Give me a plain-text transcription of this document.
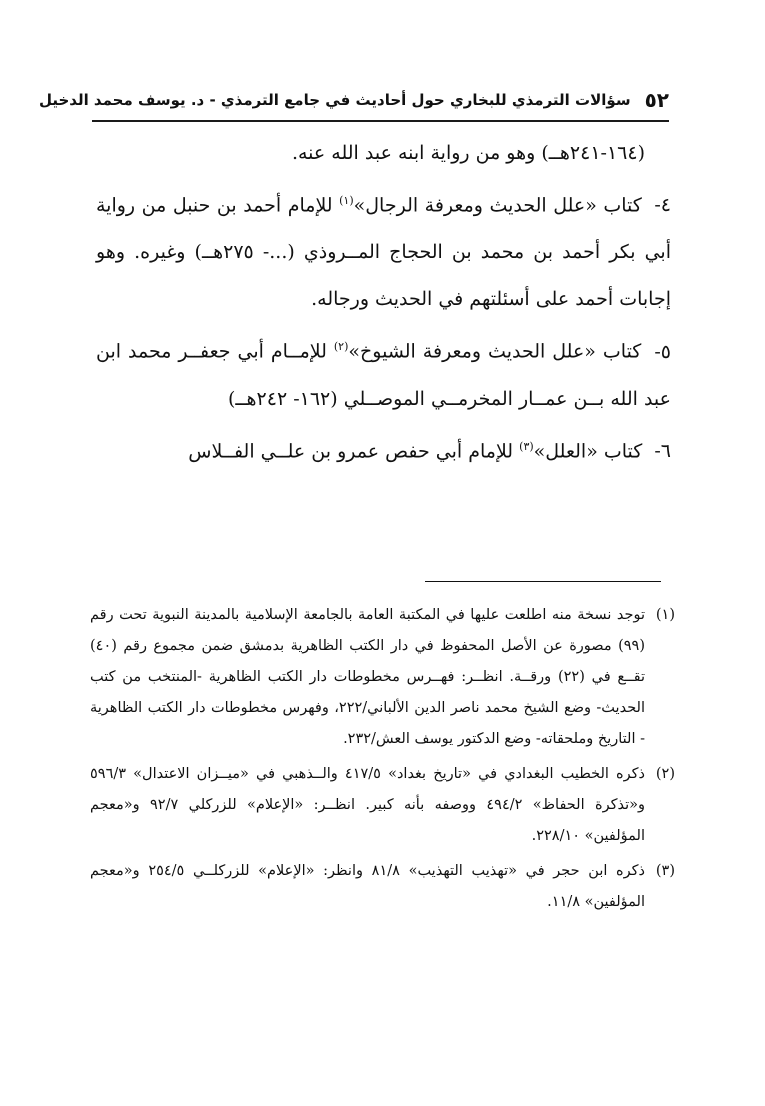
٥٢
سؤالات الترمذي للبخاري حول أحاديث في جامع الترمذي - د. يوسف محمد الدخيل

(١٦٤-٢٤١هــ) وهو من رواية ابنه عبد الله عنه.

٤- كتاب «علل الحديث ومعرفة الرجال»$^{(١)}$ للإمام أحمد بن حنبل من رواية أبي بكر أحمد بن محمد بن الحجاج المــروذي (...- ٢٧٥هــ) وغيره. وهو إجابات أحمد على أسئلتهم في الحديث ورجاله.

٥- كتاب «علل الحديث ومعرفة الشيوخ»$^{(٢)}$ للإمــام أبي جعفــر محمد ابن عبد الله بــن عمــار المخرمــي الموصــلي (١٦٢- ٢٤٢هــ)

٦- كتاب «العلل»$^{(٣)}$ للإمام أبي حفص عمرو بن علــي الفــلاس

(١)
توجد نسخة منه اطلعت عليها في المكتبة العامة بالجامعة الإسلامية بالمدينة النبوية تحت رقم (٩٩) مصورة عن الأصل المحفوظ في دار الكتب الظاهرية بدمشق ضمن مجموع رقم (٤٠) تقــع في (٢٢) ورقــة. انظــر: فهــرس مخطوطات دار الكتب الظاهرية -المنتخب من كتب الحديث- وضع الشيخ محمد ناصر الدين الألباني/٢٢٢، وفهرس مخطوطات دار الكتب الظاهرية - التاريخ وملحقاته- وضع الدكتور يوسف العش/٢٣٢.

(٢)
ذكره الخطيب البغدادي في «تاريخ بغداد» ٤١٧/٥ والــذهبي في «ميــزان الاعتدال» ٥٩٦/٣ و«تذكرة الحفاظ» ٤٩٤/٢ ووصفه بأنه كبير. انظــر: «الإعلام» للزركلي ٩٢/٧ و«معجم المؤلفين» ٢٢٨/١٠.

(٣)
ذكره ابن حجر في «تهذيب التهذيب» ٨١/٨ وانظر: «الإعلام» للزركلــي ٢٥٤/٥ و«معجم المؤلفين» ١١/٨.
